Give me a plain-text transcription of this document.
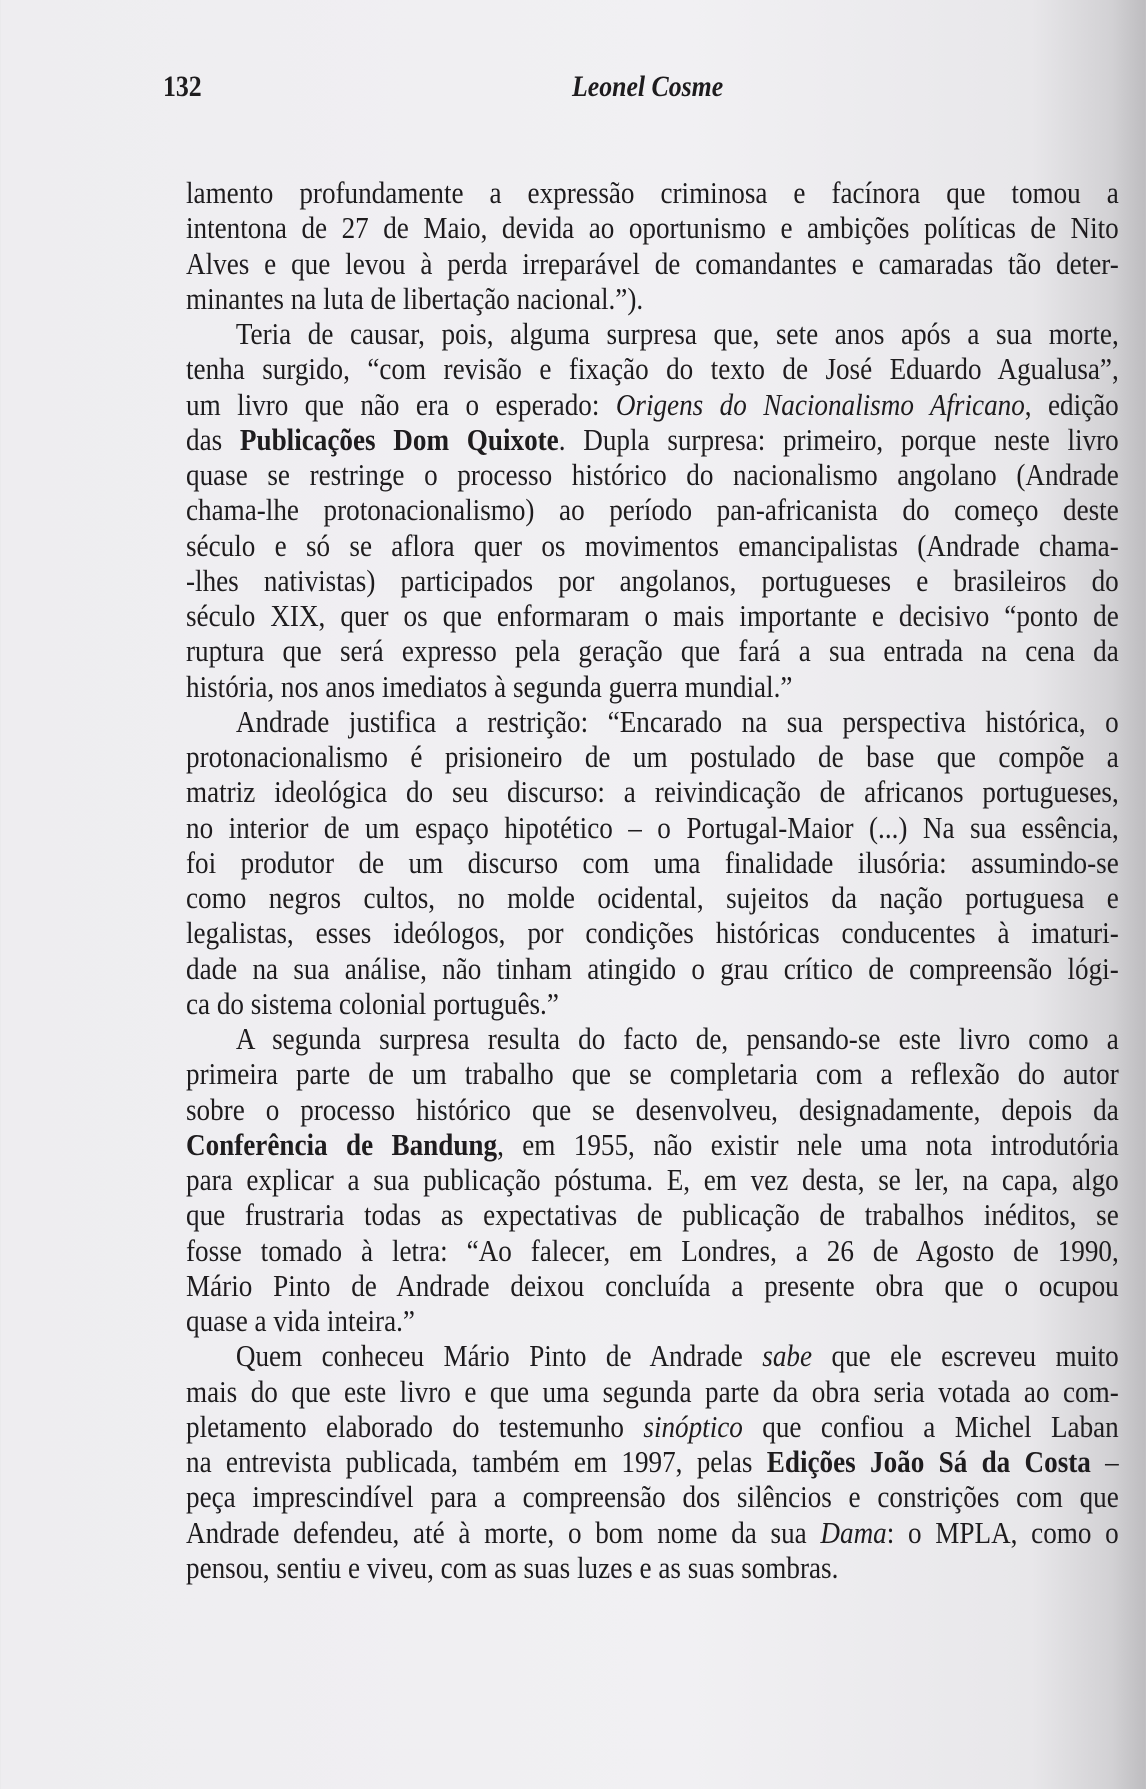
132	Leonel Cosme
lamento profundamente a expressão criminosa e facínora que tomou a
intentona de 27 de Maio, devida ao oportunismo e ambições políticas de Nito
Alves e que levou à perda irreparável de comandantes e camaradas tão deter-
minantes na luta de libertação nacional.”).
Teria de causar, pois, alguma surpresa que, sete anos após a sua morte,
tenha surgido, “com revisão e fixação do texto de José Eduardo Agualusa”,
um livro que não era o esperado: Origens do Nacionalismo Africano, edição
das Publicações Dom Quixote. Dupla surpresa: primeiro, porque neste livro
quase se restringe o processo histórico do nacionalismo angolano (Andrade
chama-lhe protonacionalismo) ao período pan-africanista do começo deste
século e só se aflora quer os movimentos emancipalistas (Andrade chama-
-lhes nativistas) participados por angolanos, portugueses e brasileiros do
século XIX, quer os que enformaram o mais importante e decisivo “ponto de
ruptura que será expresso pela geração que fará a sua entrada na cena da
história, nos anos imediatos à segunda guerra mundial.”
Andrade justifica a restrição: “Encarado na sua perspectiva histórica, o
protonacionalismo é prisioneiro de um postulado de base que compõe a
matriz ideológica do seu discurso: a reivindicação de africanos portugueses,
no interior de um espaço hipotético – o Portugal-Maior (...) Na sua essência,
foi produtor de um discurso com uma finalidade ilusória: assumindo-se
como negros cultos, no molde ocidental, sujeitos da nação portuguesa e
legalistas, esses ideólogos, por condições históricas conducentes à imaturi-
dade na sua análise, não tinham atingido o grau crítico de compreensão lógi-
ca do sistema colonial português.”
A segunda surpresa resulta do facto de, pensando-se este livro como a
primeira parte de um trabalho que se completaria com a reflexão do autor
sobre o processo histórico que se desenvolveu, designadamente, depois da
Conferência de Bandung, em 1955, não existir nele uma nota introdutória
para explicar a sua publicação póstuma. E, em vez desta, se ler, na capa, algo
que frustraria todas as expectativas de publicação de trabalhos inéditos, se
fosse tomado à letra: “Ao falecer, em Londres, a 26 de Agosto de 1990,
Mário Pinto de Andrade deixou concluída a presente obra que o ocupou
quase a vida inteira.”
Quem conheceu Mário Pinto de Andrade sabe que ele escreveu muito
mais do que este livro e que uma segunda parte da obra seria votada ao com-
pletamento elaborado do testemunho sinóptico que confiou a Michel Laban
na entrevista publicada, também em 1997, pelas Edições João Sá da Costa –
peça imprescindível para a compreensão dos silêncios e constrições com que
Andrade defendeu, até à morte, o bom nome da sua Dama: o MPLA, como o
pensou, sentiu e viveu, com as suas luzes e as suas sombras.
